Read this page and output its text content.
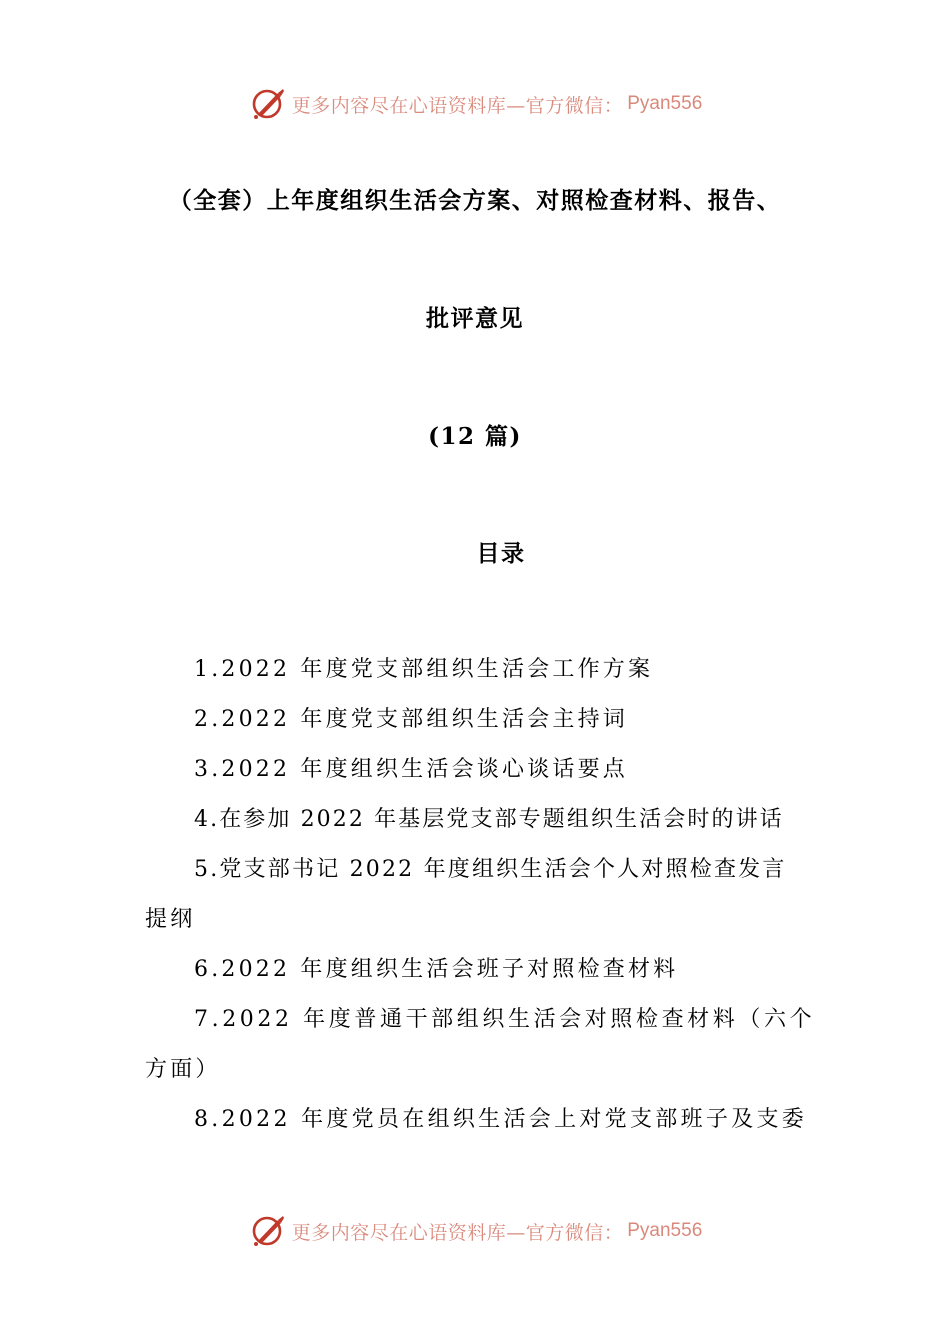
更多内容尽在心语资料库—官方微信： Pyan556
（全套）上年度组织生活会方案、对照检查材料、报告、
批评意见
(12 篇)
目录
1.2022 年度党支部组织生活会工作方案
2.2022 年度党支部组织生活会主持词
3.2022 年度组织生活会谈心谈话要点
4.在参加 2022 年基层党支部专题组织生活会时的讲话
5.党支部书记 2022 年度组织生活会个人对照检查发言
提纲
6.2022 年度组织生活会班子对照检查材料
7.2022 年度普通干部组织生活会对照检查材料（六个
方面）
8.2022 年度党员在组织生活会上对党支部班子及支委
更多内容尽在心语资料库—官方微信： Pyan556
